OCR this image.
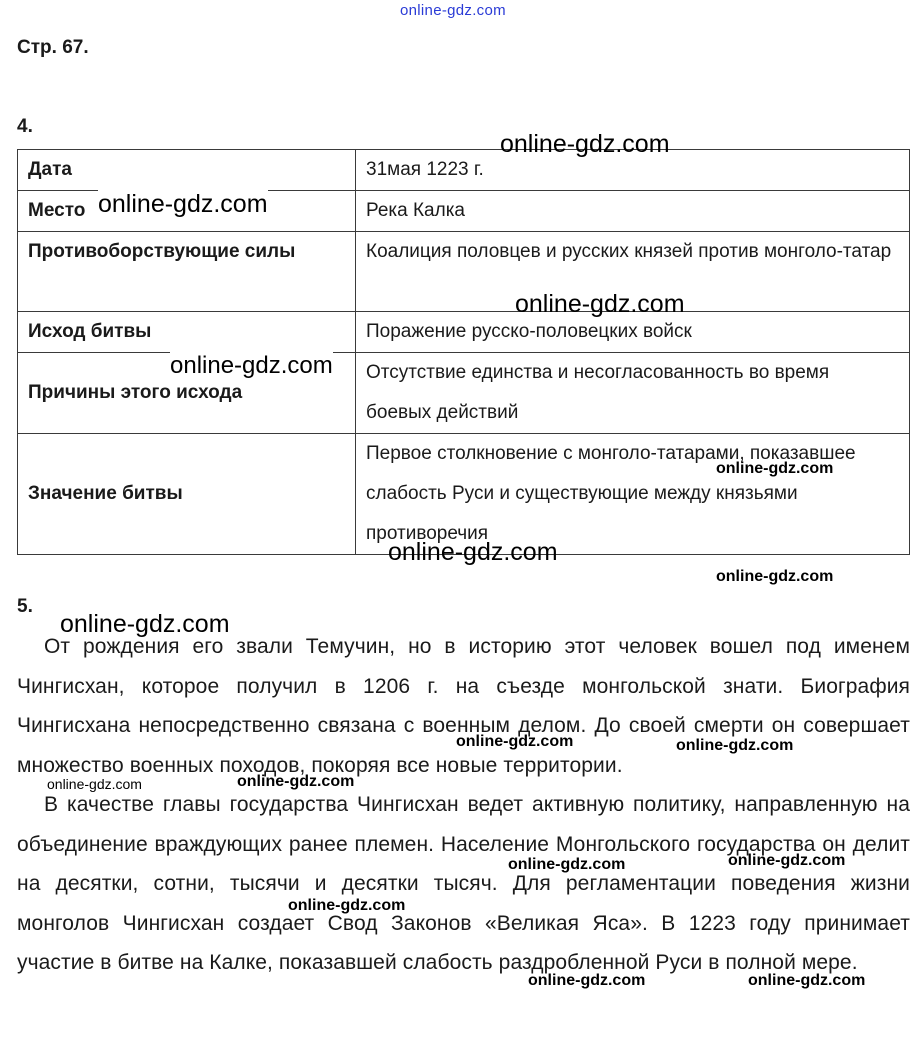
online-gdz.com
Стр. 67.
4.
Дата	31мая 1223 г.
Место	Река Калка
Противоборствующие силы	Коалиция половцев и русских князей против монголо-татар
Исход битвы	Поражение русско-половецких войск
Причины этого исхода	Отсутствие единства и несогласованность во время боевых действий
Значение битвы	Первое столкновение с монголо-татарами, показавшее слабость Руси и существующие между князьями противоречия
5.
От рождения его звали Темучин, но в историю этот человек вошел под именем Чингисхан, которое получил в 1206 г. на съезде монгольской знати. Биография Чингисхана непосредственно связана с военным делом. До своей смерти он совершает множество военных походов, покоряя все новые территории.
В качестве главы государства Чингисхан ведет активную политику, направленную на объединение враждующих ранее племен. Население Монгольского государства он делит на десятки, сотни, тысячи и десятки тысяч. Для регламентации поведения жизни монголов Чингисхан создает Свод Законов «Великая Яса». В 1223 году принимает участие в битве на Калке, показавшей слабость раздробленной Руси в полной мере.
online-gdz.com
online-gdz.com
online-gdz.com
online-gdz.com
online-gdz.com
online-gdz.com
online-gdz.com
online-gdz.com
online-gdz.com	online-gdz.com
online-gdz.com	online-gdz.com
online-gdz.com	online-gdz.com
online-gdz.com
online-gdz.com	online-gdz.com
